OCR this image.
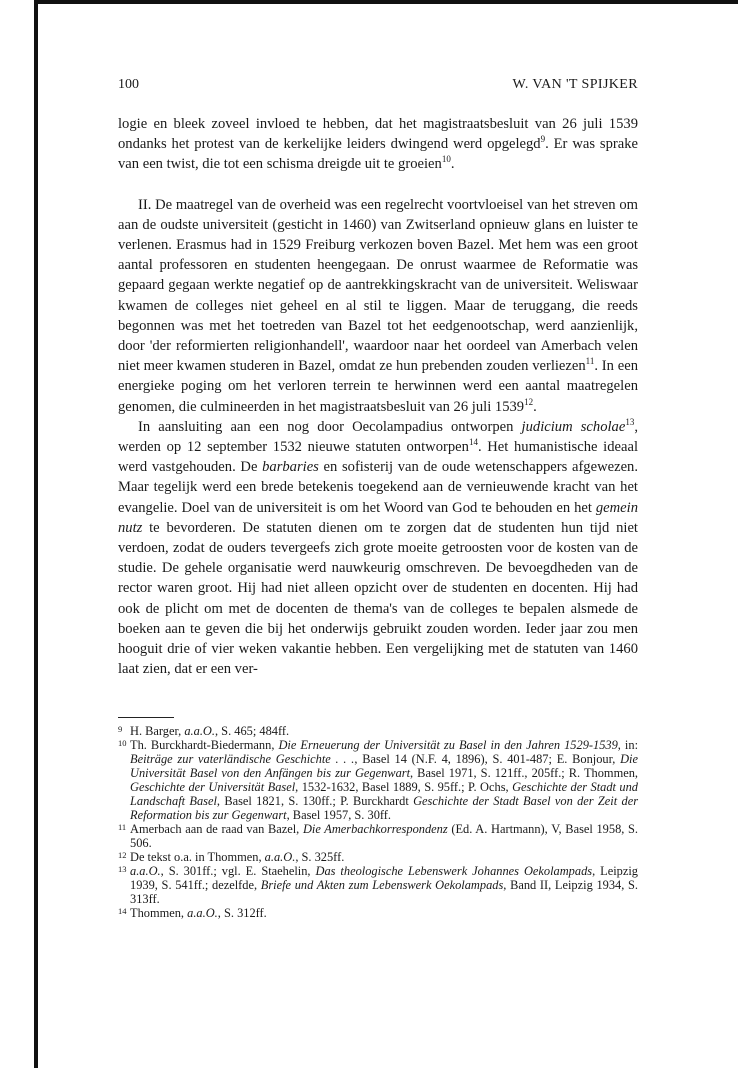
100	W. VAN 'T SPIJKER

logie en bleek zoveel invloed te hebben, dat het magistraatsbesluit van 26 juli 1539 ondanks het protest van de kerkelijke leiders dwingend werd opgelegd$^9$. Er was sprake van een twist, die tot een schisma dreigde uit te groeien$^{10}$.

II. De maatregel van de overheid was een regelrecht voortvloeisel van het streven om aan de oudste universiteit (gesticht in 1460) van Zwitserland opnieuw glans en luister te verlenen. Erasmus had in 1529 Freiburg verkozen boven Bazel. Met hem was een groot aantal professoren en studenten heengegaan. De onrust waarmee de Reformatie was gepaard gegaan werkte negatief op de aantrekkingskracht van de universiteit. Weliswaar kwamen de colleges niet geheel en al stil te liggen. Maar de teruggang, die reeds begonnen was met het toetreden van Bazel tot het eedgenootschap, werd aanzienlijk, door 'der reformierten religionhandell', waardoor naar het oordeel van Amerbach velen niet meer kwamen studeren in Bazel, omdat ze hun prebenden zouden verliezen$^{11}$. In een energieke poging om het verloren terrein te herwinnen werd een aantal maatregelen genomen, die culmineerden in het magistraatsbesluit van 26 juli 1539$^{12}$.

In aansluiting aan een nog door Oecolampadius ontworpen judicium scholae$^{13}$, werden op 12 september 1532 nieuwe statuten ontworpen$^{14}$. Het humanistische ideaal werd vastgehouden. De barbaries en sofisterij van de oude wetenschappers afgewezen. Maar tegelijk werd een brede betekenis toegekend aan de vernieuwende kracht van het evangelie. Doel van de universiteit is om het Woord van God te behouden en het gemein nutz te bevorderen. De statuten dienen om te zorgen dat de studenten hun tijd niet verdoen, zodat de ouders tevergeefs zich grote moeite getroosten voor de kosten van de studie. De gehele organisatie werd nauwkeurig omschreven. De bevoegdheden van de rector waren groot. Hij had niet alleen opzicht over de studenten en docenten. Hij had ook de plicht om met de docenten de thema's van de colleges te bepalen alsmede de boeken aan te geven die bij het onderwijs gebruikt zouden worden. Ieder jaar zou men hooguit drie of vier weken vakantie hebben. Een vergelijking met de statuten van 1460 laat zien, dat er een ver-

9 H. Barger, a.a.O., S. 465; 484ff.
10 Th. Burckhardt-Biedermann, Die Erneuerung der Universität zu Basel in den Jahren 1529-1539, in: Beiträge zur vaterländische Geschichte . . ., Basel 14 (N.F. 4, 1896), S. 401-487; E. Bonjour, Die Universität Basel von den Anfängen bis zur Gegenwart, Basel 1971, S. 121ff., 205ff.; R. Thommen, Geschichte der Universität Basel, 1532-1632, Basel 1889, S. 95ff.; P. Ochs, Geschichte der Stadt und Landschaft Basel, Basel 1821, S. 130ff.; P. Burckhardt Geschichte der Stadt Basel von der Zeit der Reformation bis zur Gegenwart, Basel 1957, S. 30ff.
11 Amerbach aan de raad van Bazel, Die Amerbachkorrespondenz (Ed. A. Hartmann), V, Basel 1958, S. 506.
12 De tekst o.a. in Thommen, a.a.O., S. 325ff.
13 a.a.O., S. 301ff.; vgl. E. Staehelin, Das theologische Lebenswerk Johannes Oekolampads, Leipzig 1939, S. 541ff.; dezelfde, Briefe und Akten zum Lebenswerk Oekolampads, Band II, Leipzig 1934, S. 313ff.
14 Thommen, a.a.O., S. 312ff.
